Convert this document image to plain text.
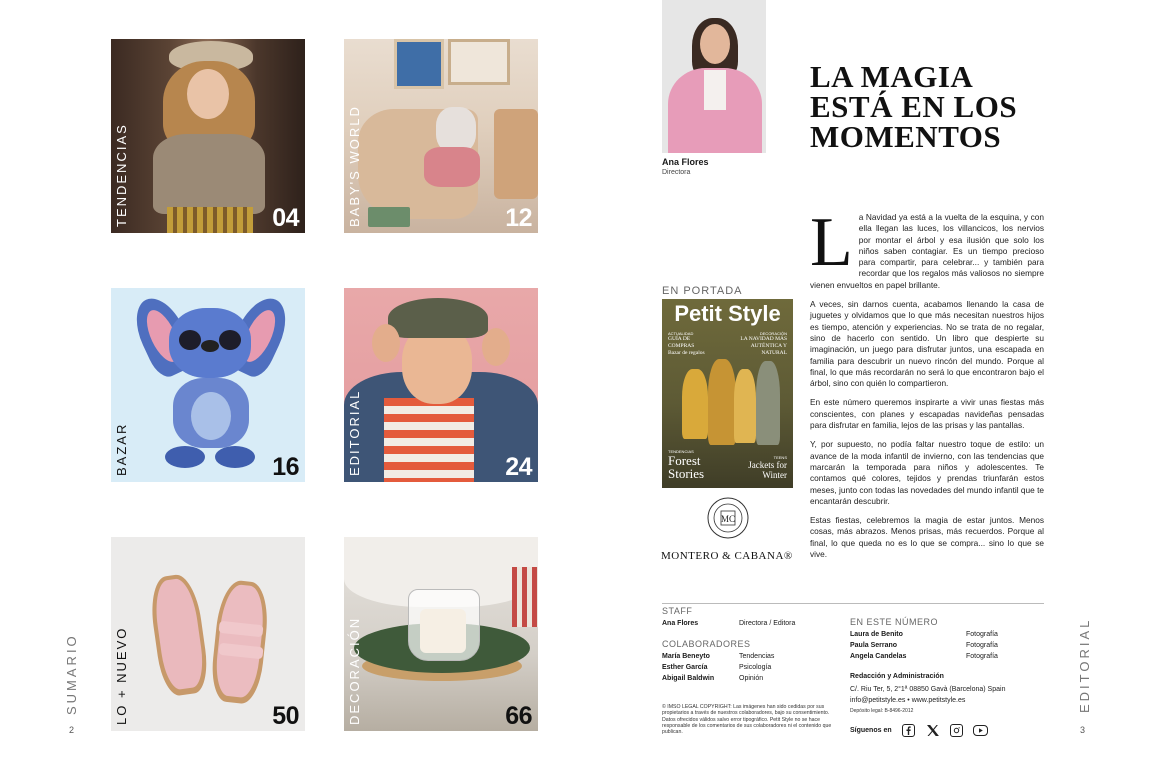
TENDENCIAS	04	BABY'S WORLD	12
BAZAR	16	EDITORIAL	24
LO + NUEVO	50	DECORACIÓN	66
SUMARIO
2
Ana Flores
Directora
LA MAGIA
ESTÁ EN LOS
MOMENTOS

La Navidad ya está a la vuelta de la esquina, y con ella llegan las luces, los villancicos, los nervios por montar el árbol y esa ilusión que solo los niños saben contagiar. Es un tiempo precioso para compartir, para celebrar... y también para recordar que los regalos más valiosos no siempre vienen envueltos en papel brillante.

A veces, sin darnos cuenta, acabamos llenando la casa de juguetes y olvidamos que lo que más necesitan nuestros hijos es tiempo, atención y experiencias. No se trata de no regalar, sino de hacerlo con sentido. Un libro que despierte su imaginación, un juego para disfrutar juntos, una escapada en familia para descubrir un nuevo rincón del mundo. Porque al final, lo que más recordarán no será lo que encontraron bajo el árbol, sino con quién lo compartieron.

En este número queremos inspirarte a vivir unas fiestas más conscientes, con planes y escapadas navideñas pensadas para disfrutar en familia, lejos de las prisas y las pantallas.

Y, por supuesto, no podía faltar nuestro toque de estilo: un avance de la moda infantil de invierno, con las tendencias que marcarán la temporada para niños y adolescentes. Te contamos qué colores, tejidos y prendas triunfarán estos meses, junto con todas las novedades del mundo infantil que te encantarán descubrir.

Estas fiestas, celebremos la magia de estar juntos. Menos cosas, más abrazos. Menos prisas, más recuerdos. Porque al final, lo que queda no es lo que se compra... sino lo que se vive.

EN PORTADA
Petit Style
ACTUALIDAD
GUÍA DE
COMPRAS
Bazar de regalos
DECORACIÓN
LA NAVIDAD MÁS
AUTÉNTICA Y
NATURAL
TENDENCIAS
Forest Stories
TEENS
Jackets for Winter
MC
MONTERO & CABANA®
STAFF
Ana Flores	Directora / Editora
COLABORADORES
María Beneyto	Tendencias
Esther García	Psicología
Abigail Baldwin	Opinión
© IMSO LEGAL COPYRIGHT: Las imágenes han sido cedidas por sus propietarios a través de nuestros colaboradores, bajo su consentimiento. Datos ofrecidos válidos salvo error tipográfico. Petit Style no se hace responsable de los comentarios de sus colaboradores ni el contenido que publican.
EN ESTE NÚMERO
Laura de Benito	Fotografía
Paula Serrano	Fotografía
Angela Candelas	Fotografía
Redacción y Administración
C/. Riu Ter, 5, 2°1ª 08850 Gavà (Barcelona) Spain
info@petitstyle.es • www.petitstyle.es
Depósito legal: B-8496-2012
Síguenos en

EDITORIAL
3
